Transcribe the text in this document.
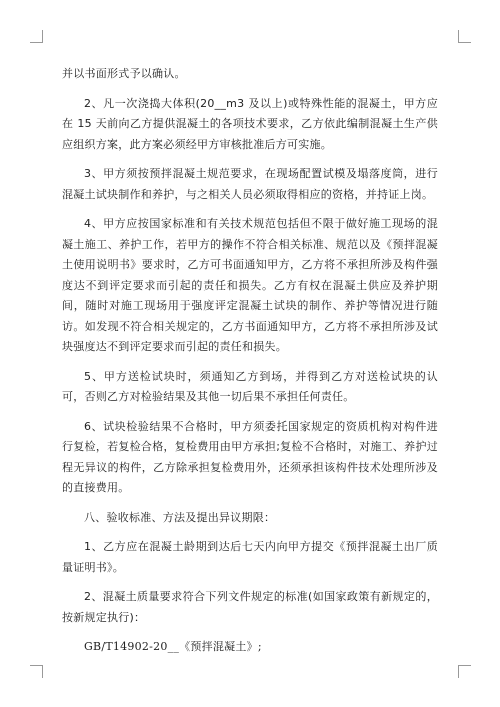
并以书面形式予以确认。

2、凡一次浇捣大体积(20__m3 及以上)或特殊性能的混凝土，甲方应在 15 天前向乙方提供混凝土的各项技术要求，乙方依此编制混凝土生产供应组织方案，此方案必须经甲方审核批准后方可实施。

3、甲方须按预拌混凝土规范要求，在现场配置试模及塌落度筒，进行混凝土试块制作和养护，与之相关人员必须取得相应的资格，并持证上岗。

4、甲方应按国家标准和有关技术规范包括但不限于做好施工现场的混凝土施工、养护工作，若甲方的操作不符合相关标准、规范以及《预拌混凝土使用说明书》要求时，乙方可书面通知甲方，乙方将不承担所涉及构件强度达不到评定要求而引起的责任和损失。乙方有权在混凝土供应及养护期间，随时对施工现场用于强度评定混凝土试块的制作、养护等情况进行随访。如发现不符合相关规定的，乙方书面通知甲方，乙方将不承担所涉及试块强度达不到评定要求而引起的责任和损失。

5、甲方送检试块时，须通知乙方到场，并得到乙方对送检试块的认可，否则乙方对检验结果及其他一切后果不承担任何责任。

6、试块检验结果不合格时，甲方须委托国家规定的资质机构对构件进行复检，若复检合格，复检费用由甲方承担;复检不合格时，对施工、养护过程无异议的构件，乙方除承担复检费用外，还须承担该构件技术处理所涉及的直接费用。

八、验收标准、方法及提出异议期限：

1、乙方应在混凝土龄期到达后七天内向甲方提交《预拌混凝土出厂质量证明书》。

2、混凝土质量要求符合下列文件规定的标准(如国家政策有新规定的，按新规定执行)：

GB/T14902-20__《预拌混凝土》;
